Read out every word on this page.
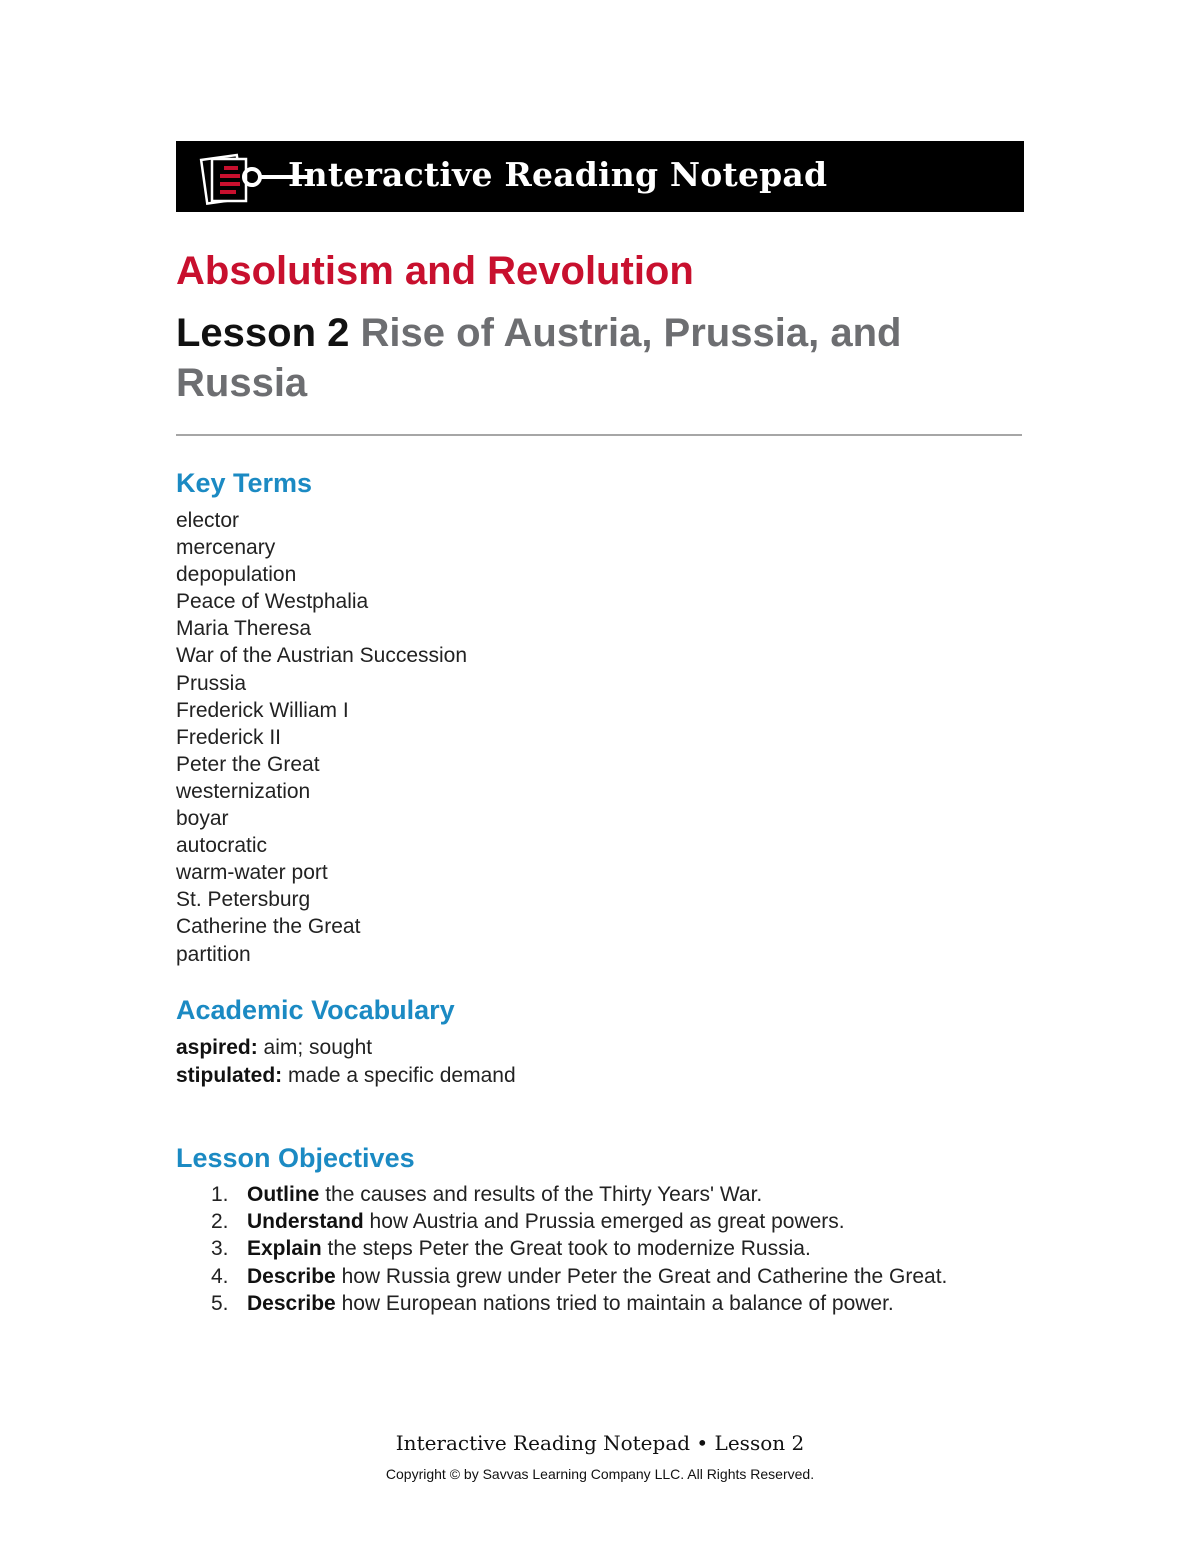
Interactive Reading Notepad
Absolutism and Revolution
Lesson 2 Rise of Austria, Prussia, and Russia
Key Terms
elector
mercenary
depopulation
Peace of Westphalia
Maria Theresa
War of the Austrian Succession
Prussia
Frederick William I
Frederick II
Peter the Great
westernization
boyar
autocratic
warm-water port
St. Petersburg
Catherine the Great
partition
Academic Vocabulary
aspired: aim; sought
stipulated: made a specific demand
Lesson Objectives
1. Outline the causes and results of the Thirty Years' War.
2. Understand how Austria and Prussia emerged as great powers.
3. Explain the steps Peter the Great took to modernize Russia.
4. Describe how Russia grew under Peter the Great and Catherine the Great.
5. Describe how European nations tried to maintain a balance of power.
Interactive Reading Notepad • Lesson 2
Copyright © by Savvas Learning Company LLC. All Rights Reserved.
